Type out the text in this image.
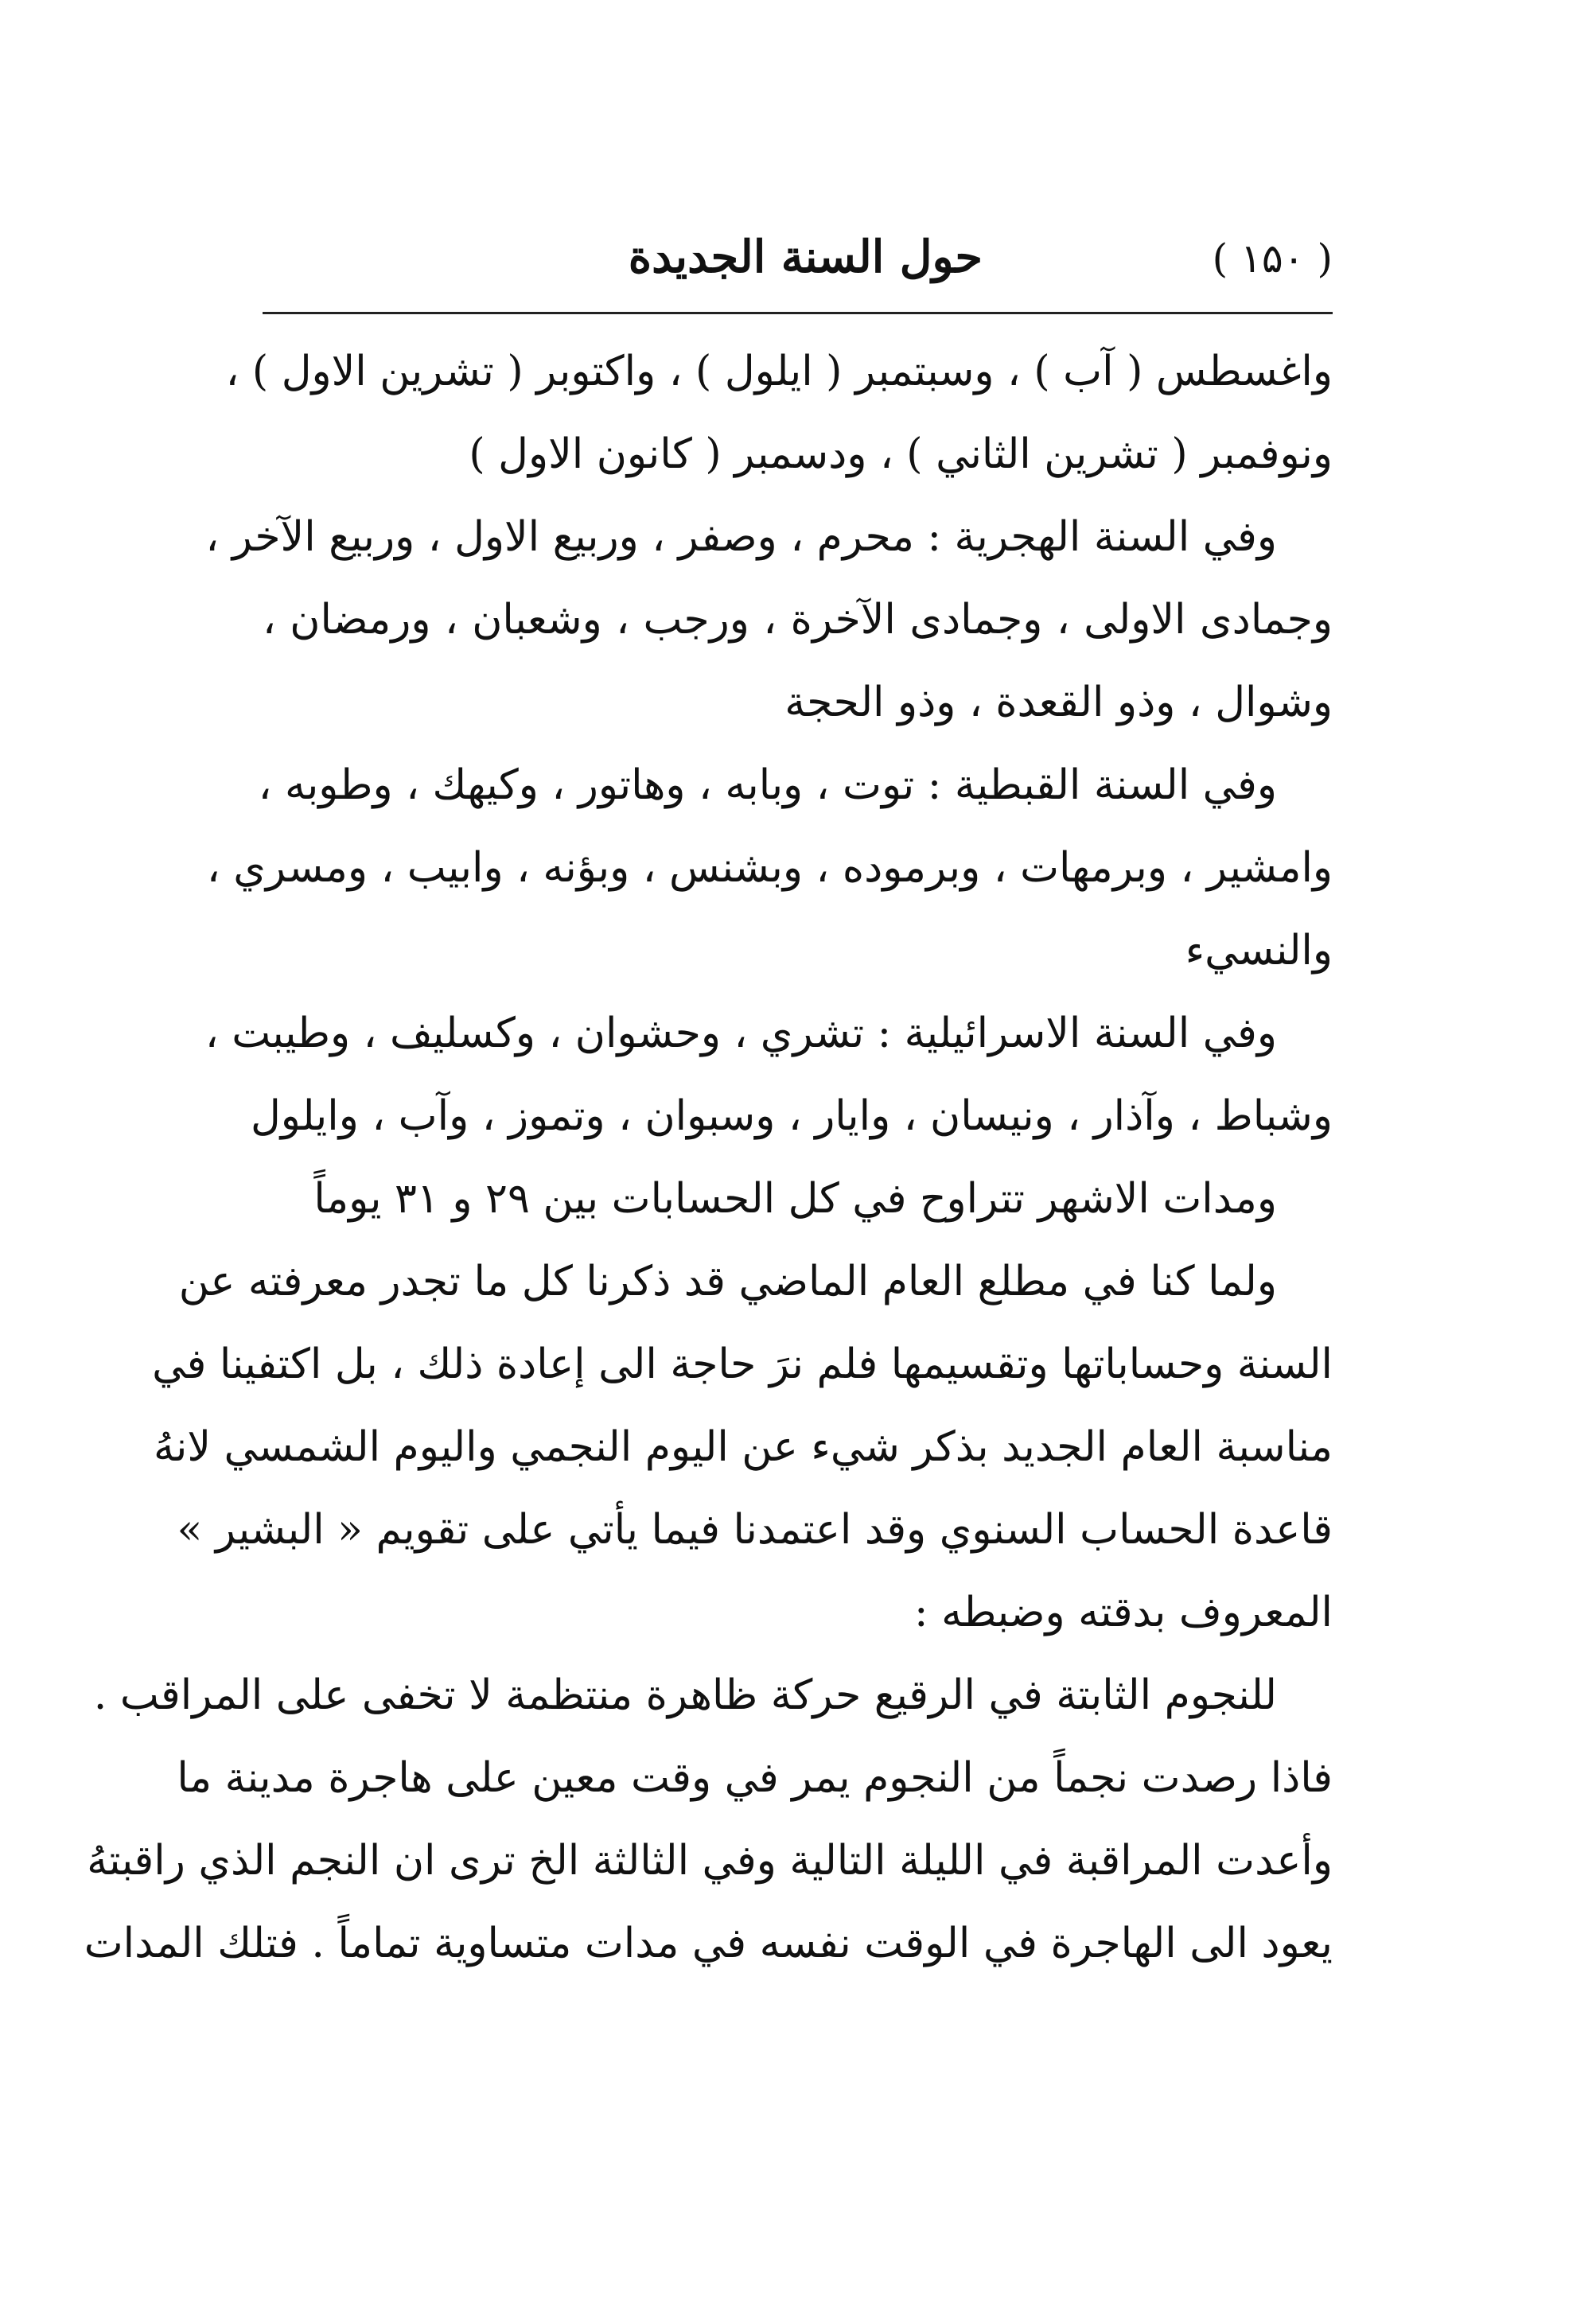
( ۱۵۰ )
حول السنة الجديدة
واغسطس ( آب ) ، وسبتمبر ( ايلول ) ، واكتوبر ( تشرين الاول ) ،
ونوفمبر ( تشرين الثاني ) ، ودسمبر ( كانون الاول )
وفي السنة الهجرية : محرم ، وصفر ، وربيع الاول ، وربيع الآخر ،
وجمادى الاولى ، وجمادى الآخرة ، ورجب ، وشعبان ، ورمضان ،
وشوال ، وذو القعدة ، وذو الحجة
وفي السنة القبطية : توت ، وبابه ، وهاتور ، وكيهك ، وطوبه ،
وامشير ، وبرمهات ، وبرموده ، وبشنس ، وبؤنه ، وابيب ، ومسري ،
والنسيء
وفي السنة الاسرائيلية : تشري ، وحشوان ، وكسليف ، وطيبت ،
وشباط ، وآذار ، ونيسان ، وايار ، وسبوان ، وتموز ، وآب ، وايلول
ومدات الاشهر تتراوح في كل الحسابات بين ۲۹ و ۳۱ يوماً
ولما كنا في مطلع العام الماضي قد ذكرنا كل ما تجدر معرفته عن
السنة وحساباتها وتقسيمها فلم نرَ حاجة الى إعادة ذلك ، بل اكتفينا في
مناسبة العام الجديد بذكر شيء عن اليوم النجمي واليوم الشمسي لانهُ
قاعدة الحساب السنوي وقد اعتمدنا فيما يأتي على تقويم « البشير »
المعروف بدقته وضبطه :
للنجوم الثابتة في الرقيع حركة ظاهرة منتظمة لا تخفى على المراقب .
فاذا رصدت نجماً من النجوم يمر في وقت معين على هاجرة مدينة ما
وأعدت المراقبة في الليلة التالية وفي الثالثة الخ ترى ان النجم الذي راقبتهُ
يعود الى الهاجرة في الوقت نفسه في مدات متساوية تماماً . فتلك المدات
